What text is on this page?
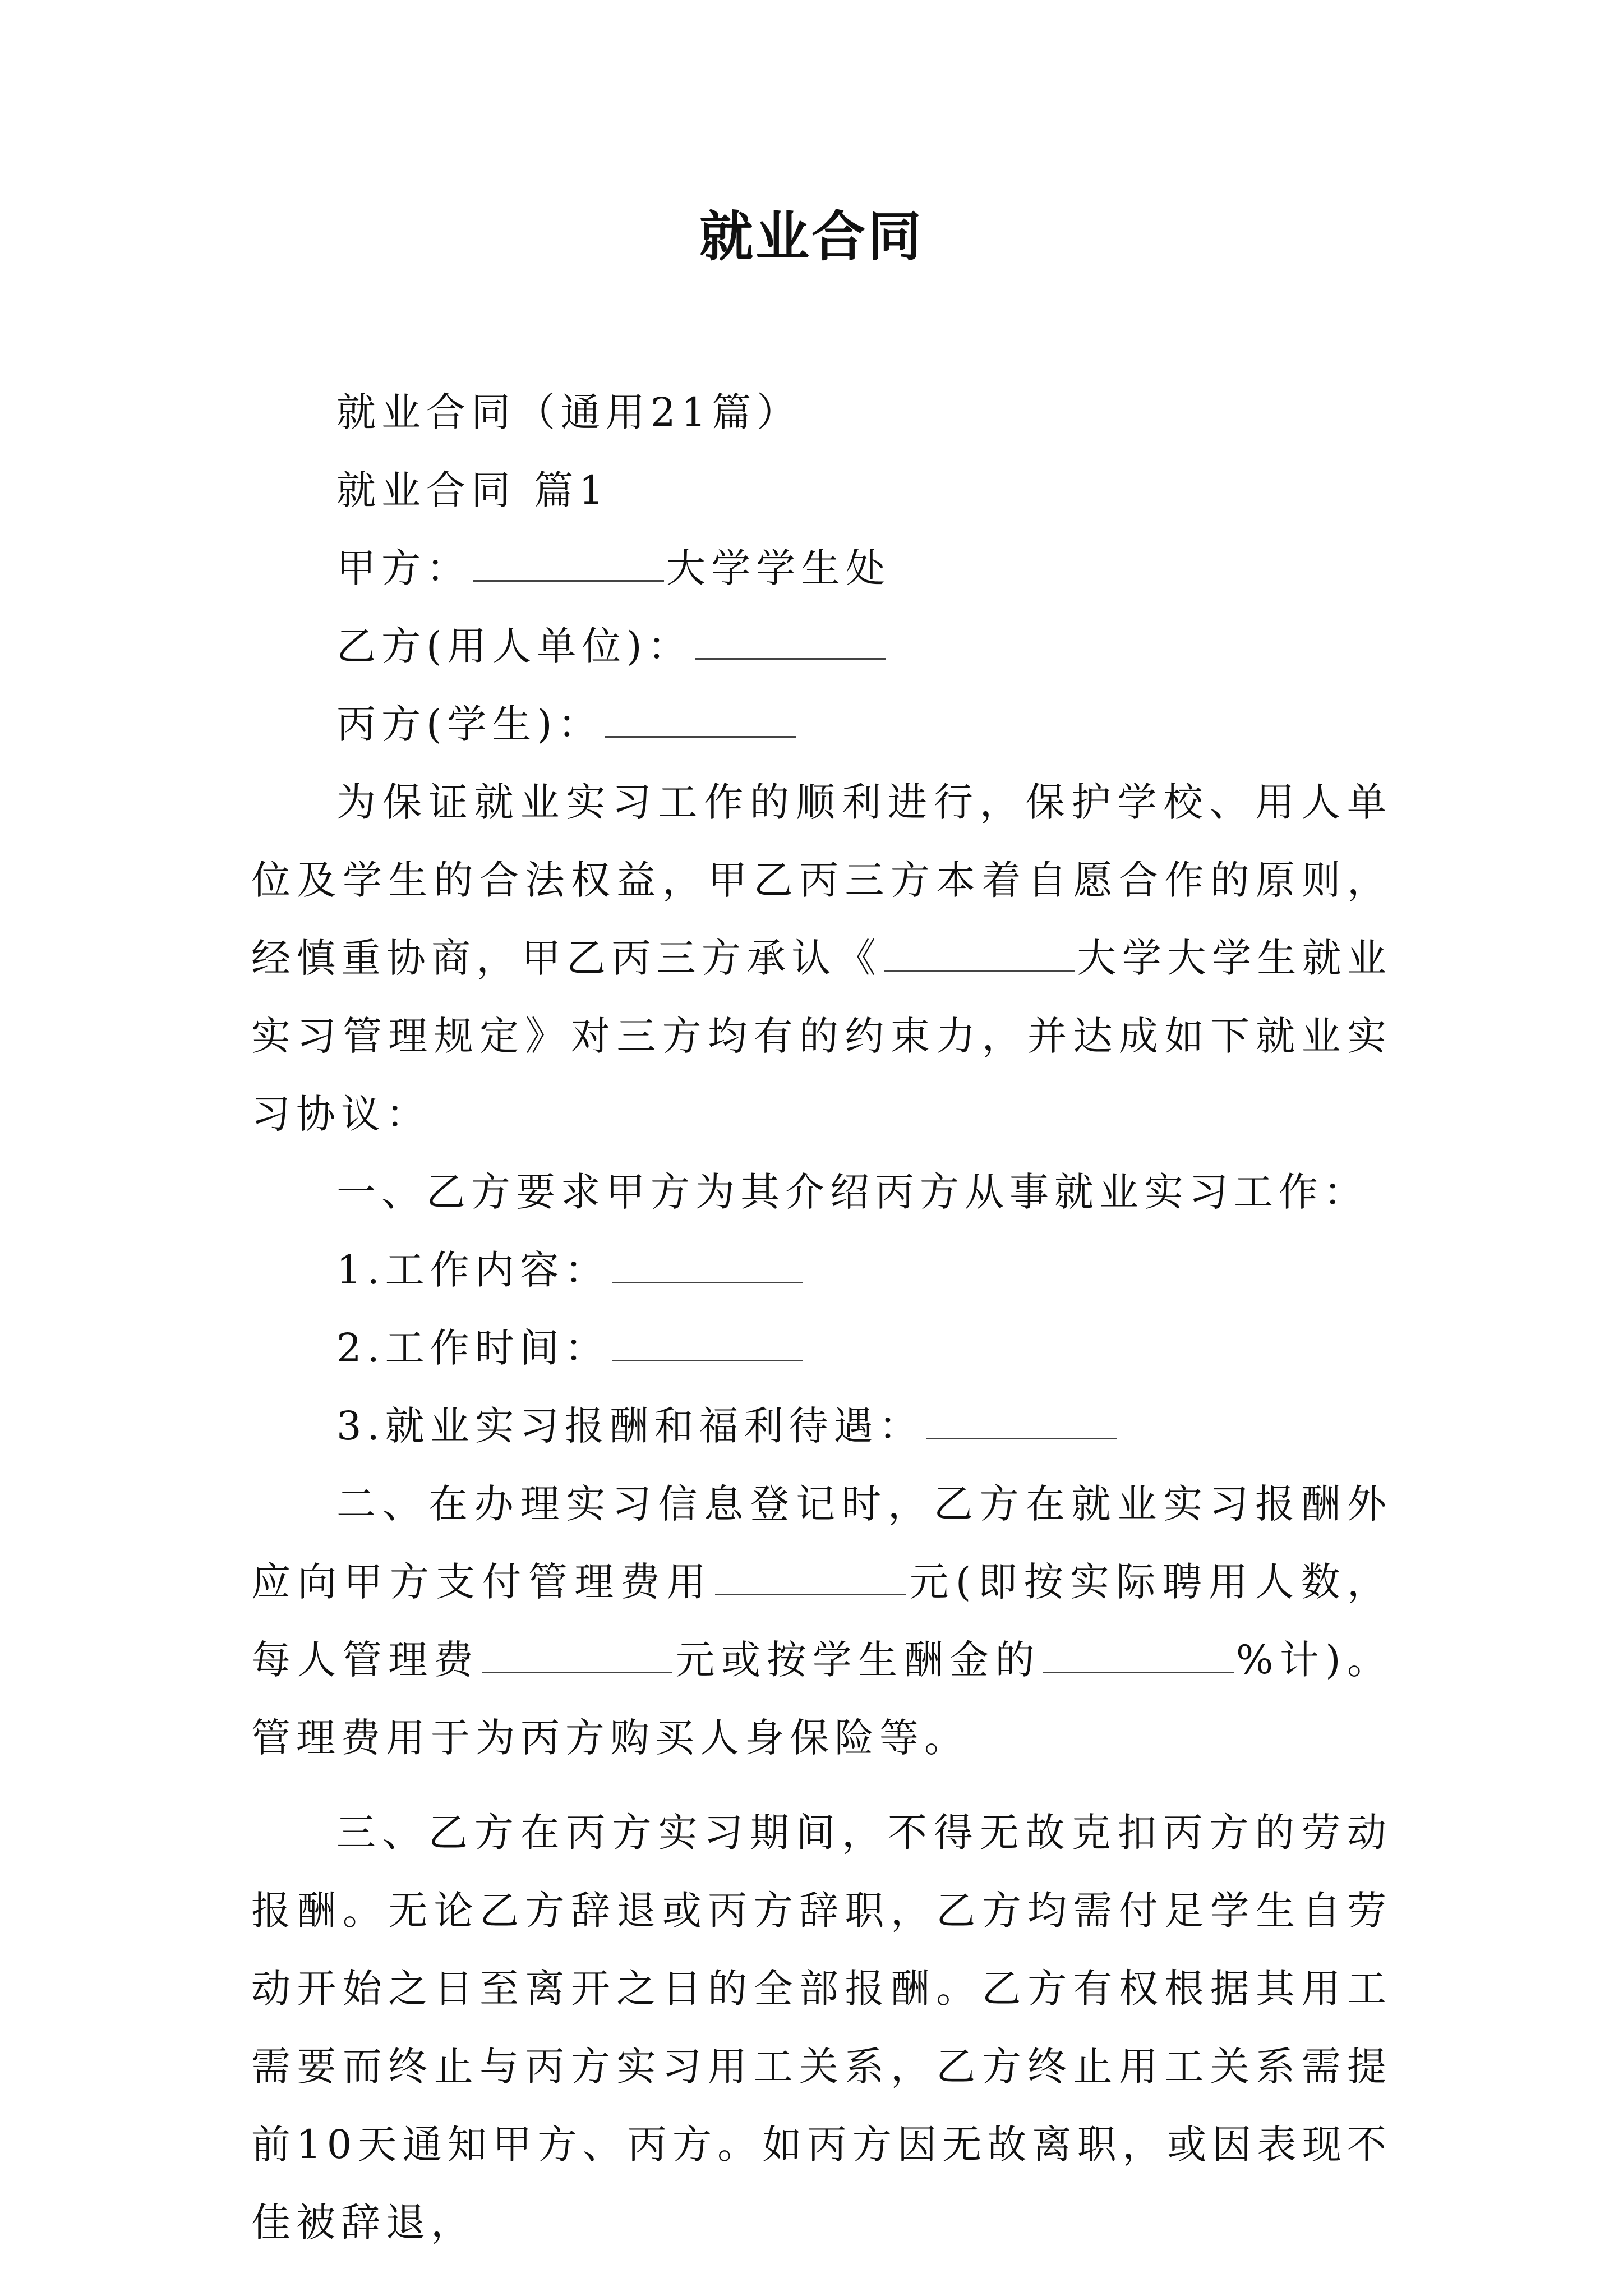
就业合同

就业合同（通用21篇）

就业合同 篇1

甲方：	大学学生处

乙方(用人单位)：

丙方(学生)：

为保证就业实习工作的顺利进行，保护学校、用人单位及学生的合法权益，甲乙丙三方本着自愿合作的原则，经慎重协商，甲乙丙三方承认《	大学大学生就业实习管理规定》对三方均有的约束力，并达成如下就业实习协议：

一、乙方要求甲方为其介绍丙方从事就业实习工作：

1.工作内容：

2.工作时间：

3.就业实习报酬和福利待遇：

二、在办理实习信息登记时，乙方在就业实习报酬外应向甲方支付管理费用	元(即按实际聘用人数，每人管理费	元或按学生酬金的	%计)。管理费用于为丙方购买人身保险等。

三、乙方在丙方实习期间，不得无故克扣丙方的劳动报酬。无论乙方辞退或丙方辞职，乙方均需付足学生自劳动开始之日至离开之日的全部报酬。乙方有权根据其用工需要而终止与丙方实习用工关系，乙方终止用工关系需提前10天通知甲方、丙方。如丙方因无故离职，或因表现不佳被辞退，
